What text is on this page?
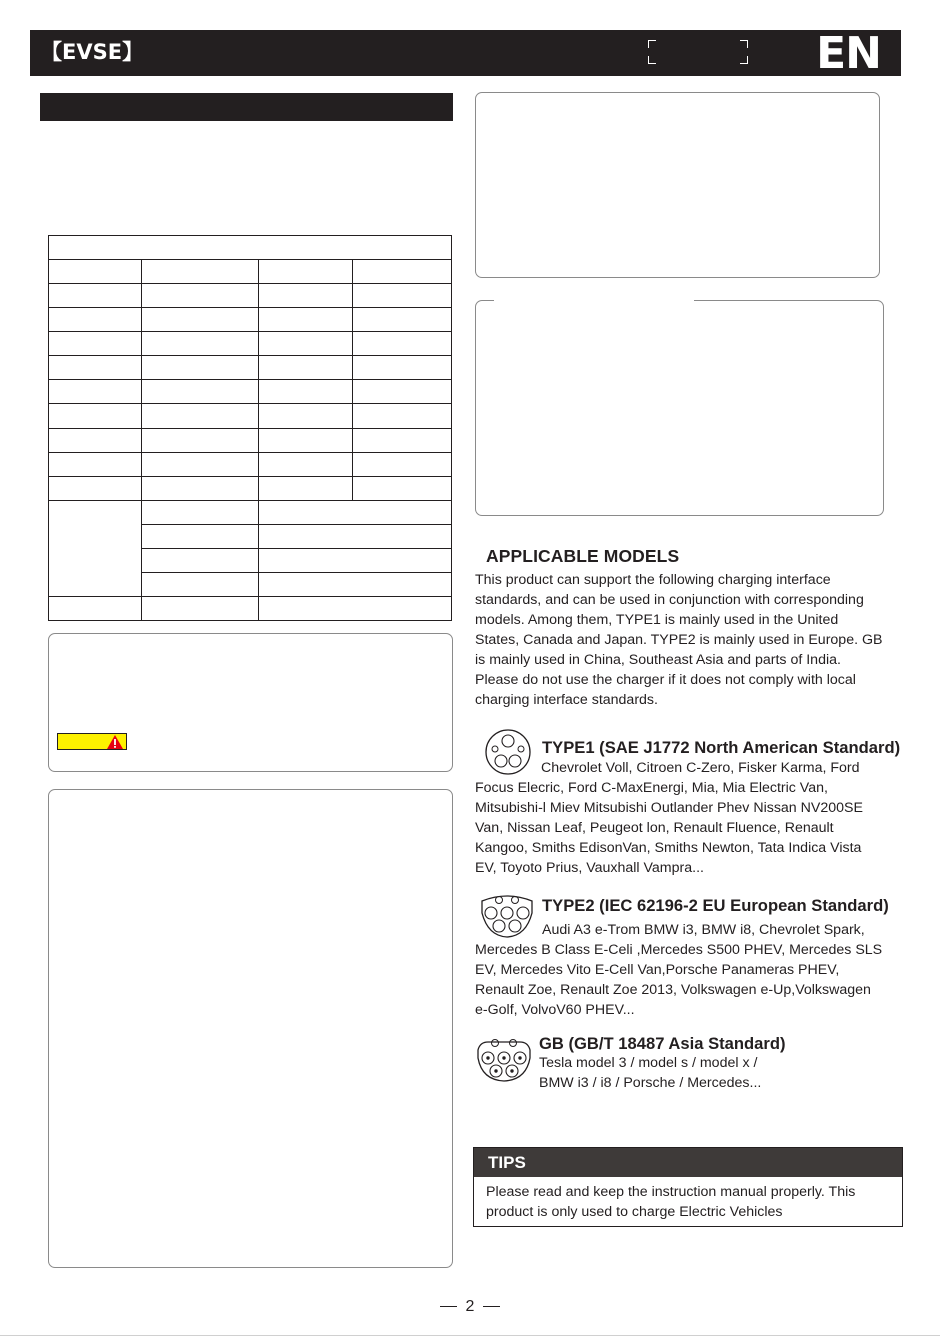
【EVSE】	EN

APPLICABLE MODELS

This product can support the following charging interface
standards, and can be used in conjunction with corresponding
models. Among them, TYPE1 is mainly used in the United
States, Canada and Japan. TYPE2 is mainly used in Europe. GB
is mainly used in China, Southeast Asia and parts of India.
Please do not use the charger if it does not comply with local
charging interface standards.

TYPE1 (SAE J1772 North American Standard)

Chevrolet Voll, Citroen C-Zero, Fisker Karma, Ford

Focus Elecric, Ford C-MaxEnergi, Mia, Mia Electric Van,
Mitsubishi-l Miev Mitsubishi Outlander Phev Nissan NV200SE
Van, Nissan Leaf, Peugeot lon, Renault Fluence, Renault
Kangoo, Smiths EdisonVan, Smiths Newton, Tata Indica Vista
EV, Toyoto Prius, Vauxhall Vampra...

TYPE2 (IEC 62196-2 EU European Standard)

Audi A3 e-Trom BMW i3, BMW i8, Chevrolet Spark,

Mercedes B Class E-Celi ,Mercedes S500 PHEV, Mercedes SLS
EV, Mercedes Vito E-Cell Van,Porsche Panameras PHEV,
Renault Zoe, Renault Zoe 2013, Volkswagen e-Up,Volkswagen
e-Golf, VolvoV60 PHEV...

GB (GB/T 18487 Asia Standard)

Tesla model 3 / model s / model x /
BMW i3 / i8 / Porsche / Mercedes...

TIPS

Please read and keep the instruction manual properly. This
product is only used to charge Electric Vehicles

2
